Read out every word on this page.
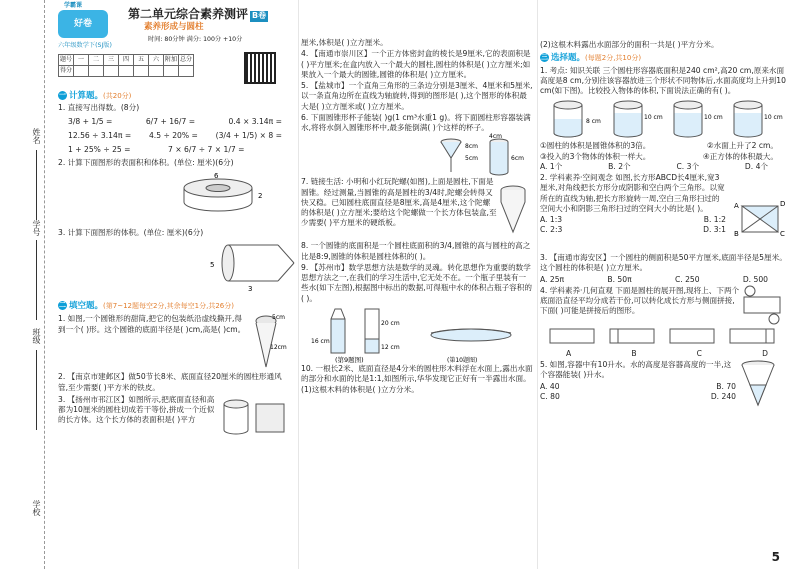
姓名
学号
班级
学校
学霸课
好卷
六年级数学下(SJ版)
第二单元综合素养测评 B卷
素养形成与圆柱
时间: 80分钟 满分: 100分 +10分
题号	一	二	三	四	五	六	附加	总分
得分								
一 计算题。(共20分)
1. 直接写出得数。(8分)
3/8 + 1/5 =	6/7 + 16/7 =	0.4 × 3.14π =
12.56 ÷ 3.14π = 4.5 ÷ 20% = (3/4 + 1/5) × 8 =
1 + 25% ÷ 25 =	7 × 6/7 ÷ 7 × 1/7 =
2. 计算下面图形的表面积和体积。(单位: 厘米)(6分)
6
2
3. 计算下面图形的体积。(单位: 厘米)(6分)
5
3
二 填空题。(第7~12题每空2分,其余每空1分,共26分)
1. 如图,一个圆锥形的甜筒,把它的包装纸沿虚线撕开,得到一个( )形。这个圆锥的底面半径是( )cm,高是( )cm。
5cm
12cm
2. 【南京市建邺区】做50节长8米、底面直径20厘米的圆柱形通风管,至少需要( )平方米的铁皮。
3. 【扬州市邗江区】如图所示,把底面直径和高都为10厘米的圆柱切成若干等份,拼成一个近似的长方体。这个长方体的表面积是( )平方
厘米,体积是( )立方厘米。
4. 【南通市崇川区】一个正方体密封盒的棱长是9厘米,它的表面积是( )平方厘米;在盒内放入一个最大的圆柱,圆柱的体积是( )立方厘米;如果放入一个最大的圆锥,圆锥的体积是( )立方厘米。
5. 【盐城市】一个直角三角形的三条边分别是3厘米、4厘米和5厘米,以一条直角边所在直线为轴旋转,得到的图形是( ),这个图形的体积最大是( )立方厘米或( )立方厘米。
6. 下面圆锥形杯子能装( )g(1 cm³水重1 g)。将下面圆柱形容器装满水,将将水倒入圆锥形杯中,最多能倒满( )个这样的杯子。
8cm
5cm
4cm
6cm
7. 链接生活: 小明和小红玩陀螺(如图),上面是圆柱,下面是圆锥。经过测量,当圆锥的高是圆柱的3/4时,陀螺会转得又快又稳。已知圆柱底面直径是8厘米,高是4厘米,这个陀螺的体积是( )立方厘米;要给这个陀螺做一个长方体包装盒,至少需要( )平方厘米的硬纸板。
8. 一个圆锥的底面积是一个圆柱底面积的3/4,圆锥的高与圆柱的高之比是8:9,圆锥的体积是圆柱体积的( )。
9. 【苏州市】数学思想方法是数学的灵魂。转化思想作为重要的数学思想方法之一,在我们的学习生活中,它无处不在。一个瓶子里装有一些水(如下左图),根据图中标出的数据,可得瓶中水的体积占瓶子容积的( )。
16 cm
20 cm
12 cm
(第9题图)	(第10题图)
10. 一根长2米、底面直径是4分米的圆柱形木料浮在水面上,露出水面的部分和水面的比是1:1,如图所示,华华发现它正好有一半露出水面。
(1)这根木料的体积是( )立方分米。
(2)这根木料露出水面部分的面积一共是( )平方分米。
三 选择题。(每题2分,共10分)
1. 考点: 知识关联 三个圆柱形容器底面积是240 cm²,高20 cm,原来水面高度是8 cm,分别往该容器放进三个形状不同物体后,水面高度均上升到10 cm(如下图)。比较投入物体的体积,下面说法正确的有( )。
8 cm
10 cm	10 cm	10 cm
①圆柱的体积是圆锥体积的3倍。	②水面上升了2 cm。
③投入的3个物体的体积一样大。	④正方体的体积最大。
A. 1个	B. 2个	C. 3个	D. 4个
2. 学科素养·空间观念 如图,长方形ABCD长4厘米,宽3厘米,对角线把长方形分成阴影和空白两个三角形。以宽所在的直线为轴,把长方形旋转一周,空白三角形扫过的空间大小和阴影三角形扫过的空间大小的比是( )。
A. 1:3	B. 1:2
C. 2:3	D. 3:1
A
B	C
D
3. 【南通市海安区】一个圆柱的侧面积是50平方厘米,底面半径是5厘米。这个圆柱的体积是( )立方厘米。
A. 25π	B. 50π	C. 250	D. 500
4. 学科素养·几何直观 下面是圆柱的展开图,现将上、下两个底面沿直径平均分成若干份,可以转化成长方形与侧面拼接,下面( )可能是拼接后的图形。
A	B	C	D
5. 如图,容器中有10升水。水的高度是容器高度的一半,这个容器能装( )升水。
A. 40	B. 70
C. 80	D. 240
5
